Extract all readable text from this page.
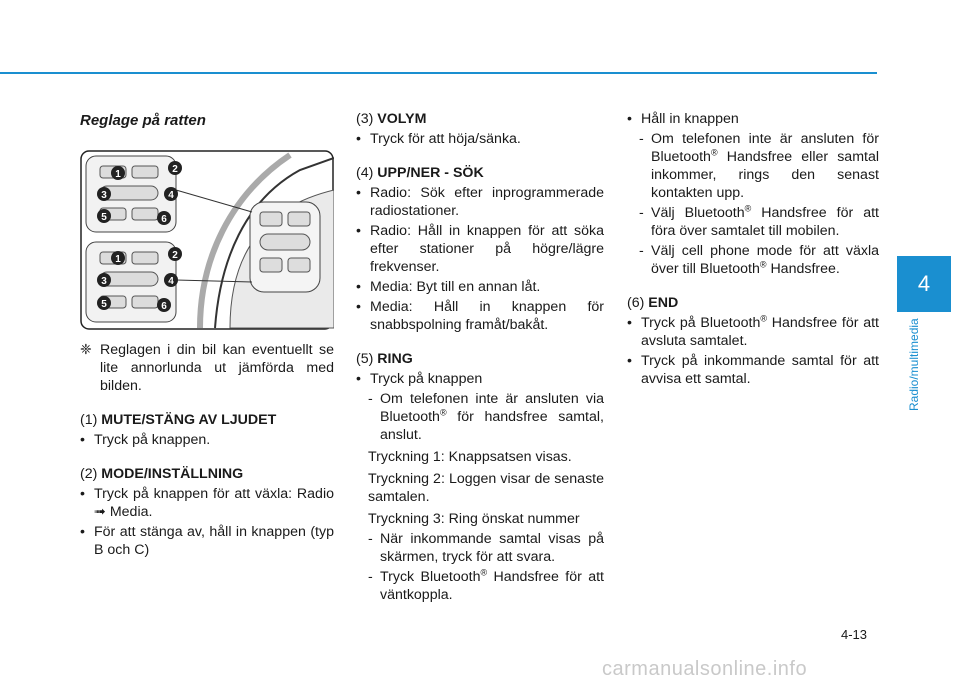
4
Radio/multimedia

Reglage på ratten

1	2
3	4
5	6
1	2
3	4
5	6

❈ Reglagen i din bil kan eventuellt se lite annorlunda ut jämförda med bilden.

(1) MUTE/STÄNG AV LJUDET

• Tryck på knappen.

(2) MODE/INSTÄLLNING

• Tryck på knappen för att växla: Radio ➟ Media.

• För att stänga av, håll in knappen (typ B och C)

(3) VOLYM

• Tryck för att höja/sänka.

(4) UPP/NER - SÖK

• Radio: Sök efter inprogrammerade radiostationer.

• Radio: Håll in knappen för att söka efter stationer på högre/lägre frekvenser.

• Media: Byt till en annan låt.

• Media: Håll in knappen för snabbspolning framåt/bakåt.

(5) RING

• Tryck på knappen

- Om telefonen inte är ansluten via Bluetooth® för handsfree samtal, anslut.

Tryckning 1: Knappsatsen visas.

Tryckning 2: Loggen visar de senaste samtalen.

Tryckning 3: Ring önskat nummer

- När inkommande samtal visas på skärmen, tryck för att svara.

- Tryck Bluetooth® Handsfree för att väntkoppla.

• Håll in knappen

- Om telefonen inte är ansluten för Bluetooth® Handsfree eller samtal inkommer, rings den senast kontakten upp.

- Välj Bluetooth® Handsfree för att föra över samtalet till mobilen.

- Välj cell phone mode för att växla över till Bluetooth® Handsfree.

(6) END

• Tryck på Bluetooth® Handsfree för att avsluta samtalet.

• Tryck på inkommande samtal för att avvisa ett samtal.

4-13
carmanualsonline.info
